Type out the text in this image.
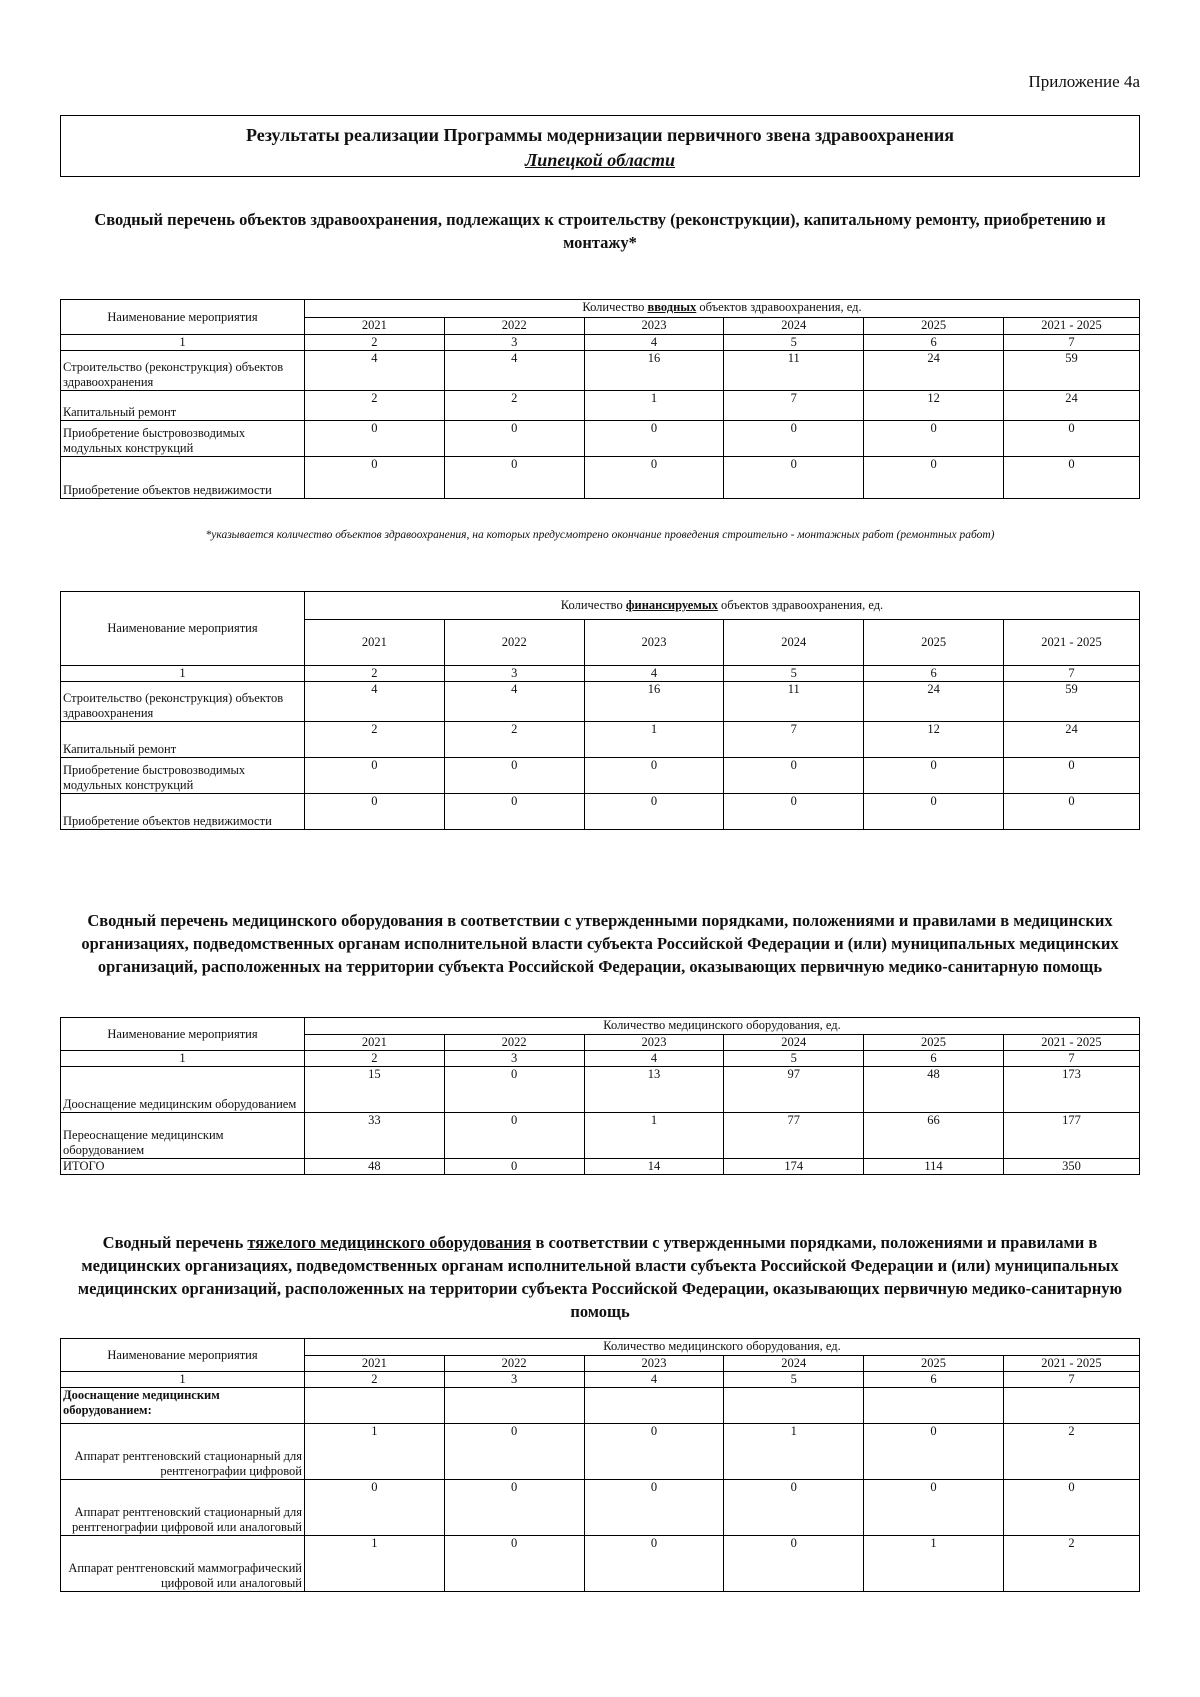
Приложение 4а
Результаты реализации Программы модернизации первичного звена здравоохранения
Липецкой области
Сводный перечень объектов здравоохранения, подлежащих к строительству (реконструкции), капитальному ремонту, приобретению и монтажу*
Наименование мероприятия	Количество вводных объектов здравоохранения, ед.					
	2021	2022	2023	2024	2025	2021 - 2025
1	2	3	4	5	6	7
Строительство (реконструкция) объектов здравоохранения	4	4	16	11	24	59
Капитальный ремонт	2	2	1	7	12	24
Приобретение быстровозводимых модульных конструкций	0	0	0	0	0	0
Приобретение объектов недвижимости	0	0	0	0	0	0
*указывается количество объектов здравоохранения, на которых предусмотрено окончание проведения строительно - монтажных работ (ремонтных работ)
Наименование мероприятия	Количество финансируемых объектов здравоохранения, ед.					
	2021	2022	2023	2024	2025	2021 - 2025
1	2	3	4	5	6	7
Строительство (реконструкция) объектов здравоохранения	4	4	16	11	24	59
Капитальный ремонт	2	2	1	7	12	24
Приобретение быстровозводимых модульных конструкций	0	0	0	0	0	0
Приобретение объектов недвижимости	0	0	0	0	0	0
Сводный перечень медицинского оборудования в соответствии с утвержденными порядками, положениями и правилами в медицинских организациях, подведомственных органам исполнительной власти субъекта Российской Федерации и (или) муниципальных медицинских организаций, расположенных на территории субъекта Российской Федерации, оказывающих первичную медико-санитарную помощь
Наименование мероприятия	Количество медицинского оборудования, ед.					
	2021	2022	2023	2024	2025	2021 - 2025
1	2	3	4	5	6	7
Дооснащение медицинским оборудованием	15	0	13	97	48	173
Переоснащение медицинским оборудованием	33	0	1	77	66	177
ИТОГО	48	0	14	174	114	350
Сводный перечень тяжелого медицинского оборудования в соответствии с утвержденными порядками, положениями и правилами в медицинских организациях, подведомственных органам исполнительной власти субъекта Российской Федерации и (или) муниципальных медицинских организаций, расположенных на территории субъекта Российской Федерации, оказывающих первичную медико-санитарную помощь
Наименование мероприятия	Количество медицинского оборудования, ед.					
	2021	2022	2023	2024	2025	2021 - 2025
1	2	3	4	5	6	7
Дооснащение медицинским оборудованием:						
Аппарат рентгеновский стационарный для рентгенографии цифровой	1	0	0	1	0	2
Аппарат рентгеновский стационарный для рентгенографии цифровой или аналоговый	0	0	0	0	0	0
Аппарат рентгеновский маммографический цифровой или аналоговый	1	0	0	0	1	2
